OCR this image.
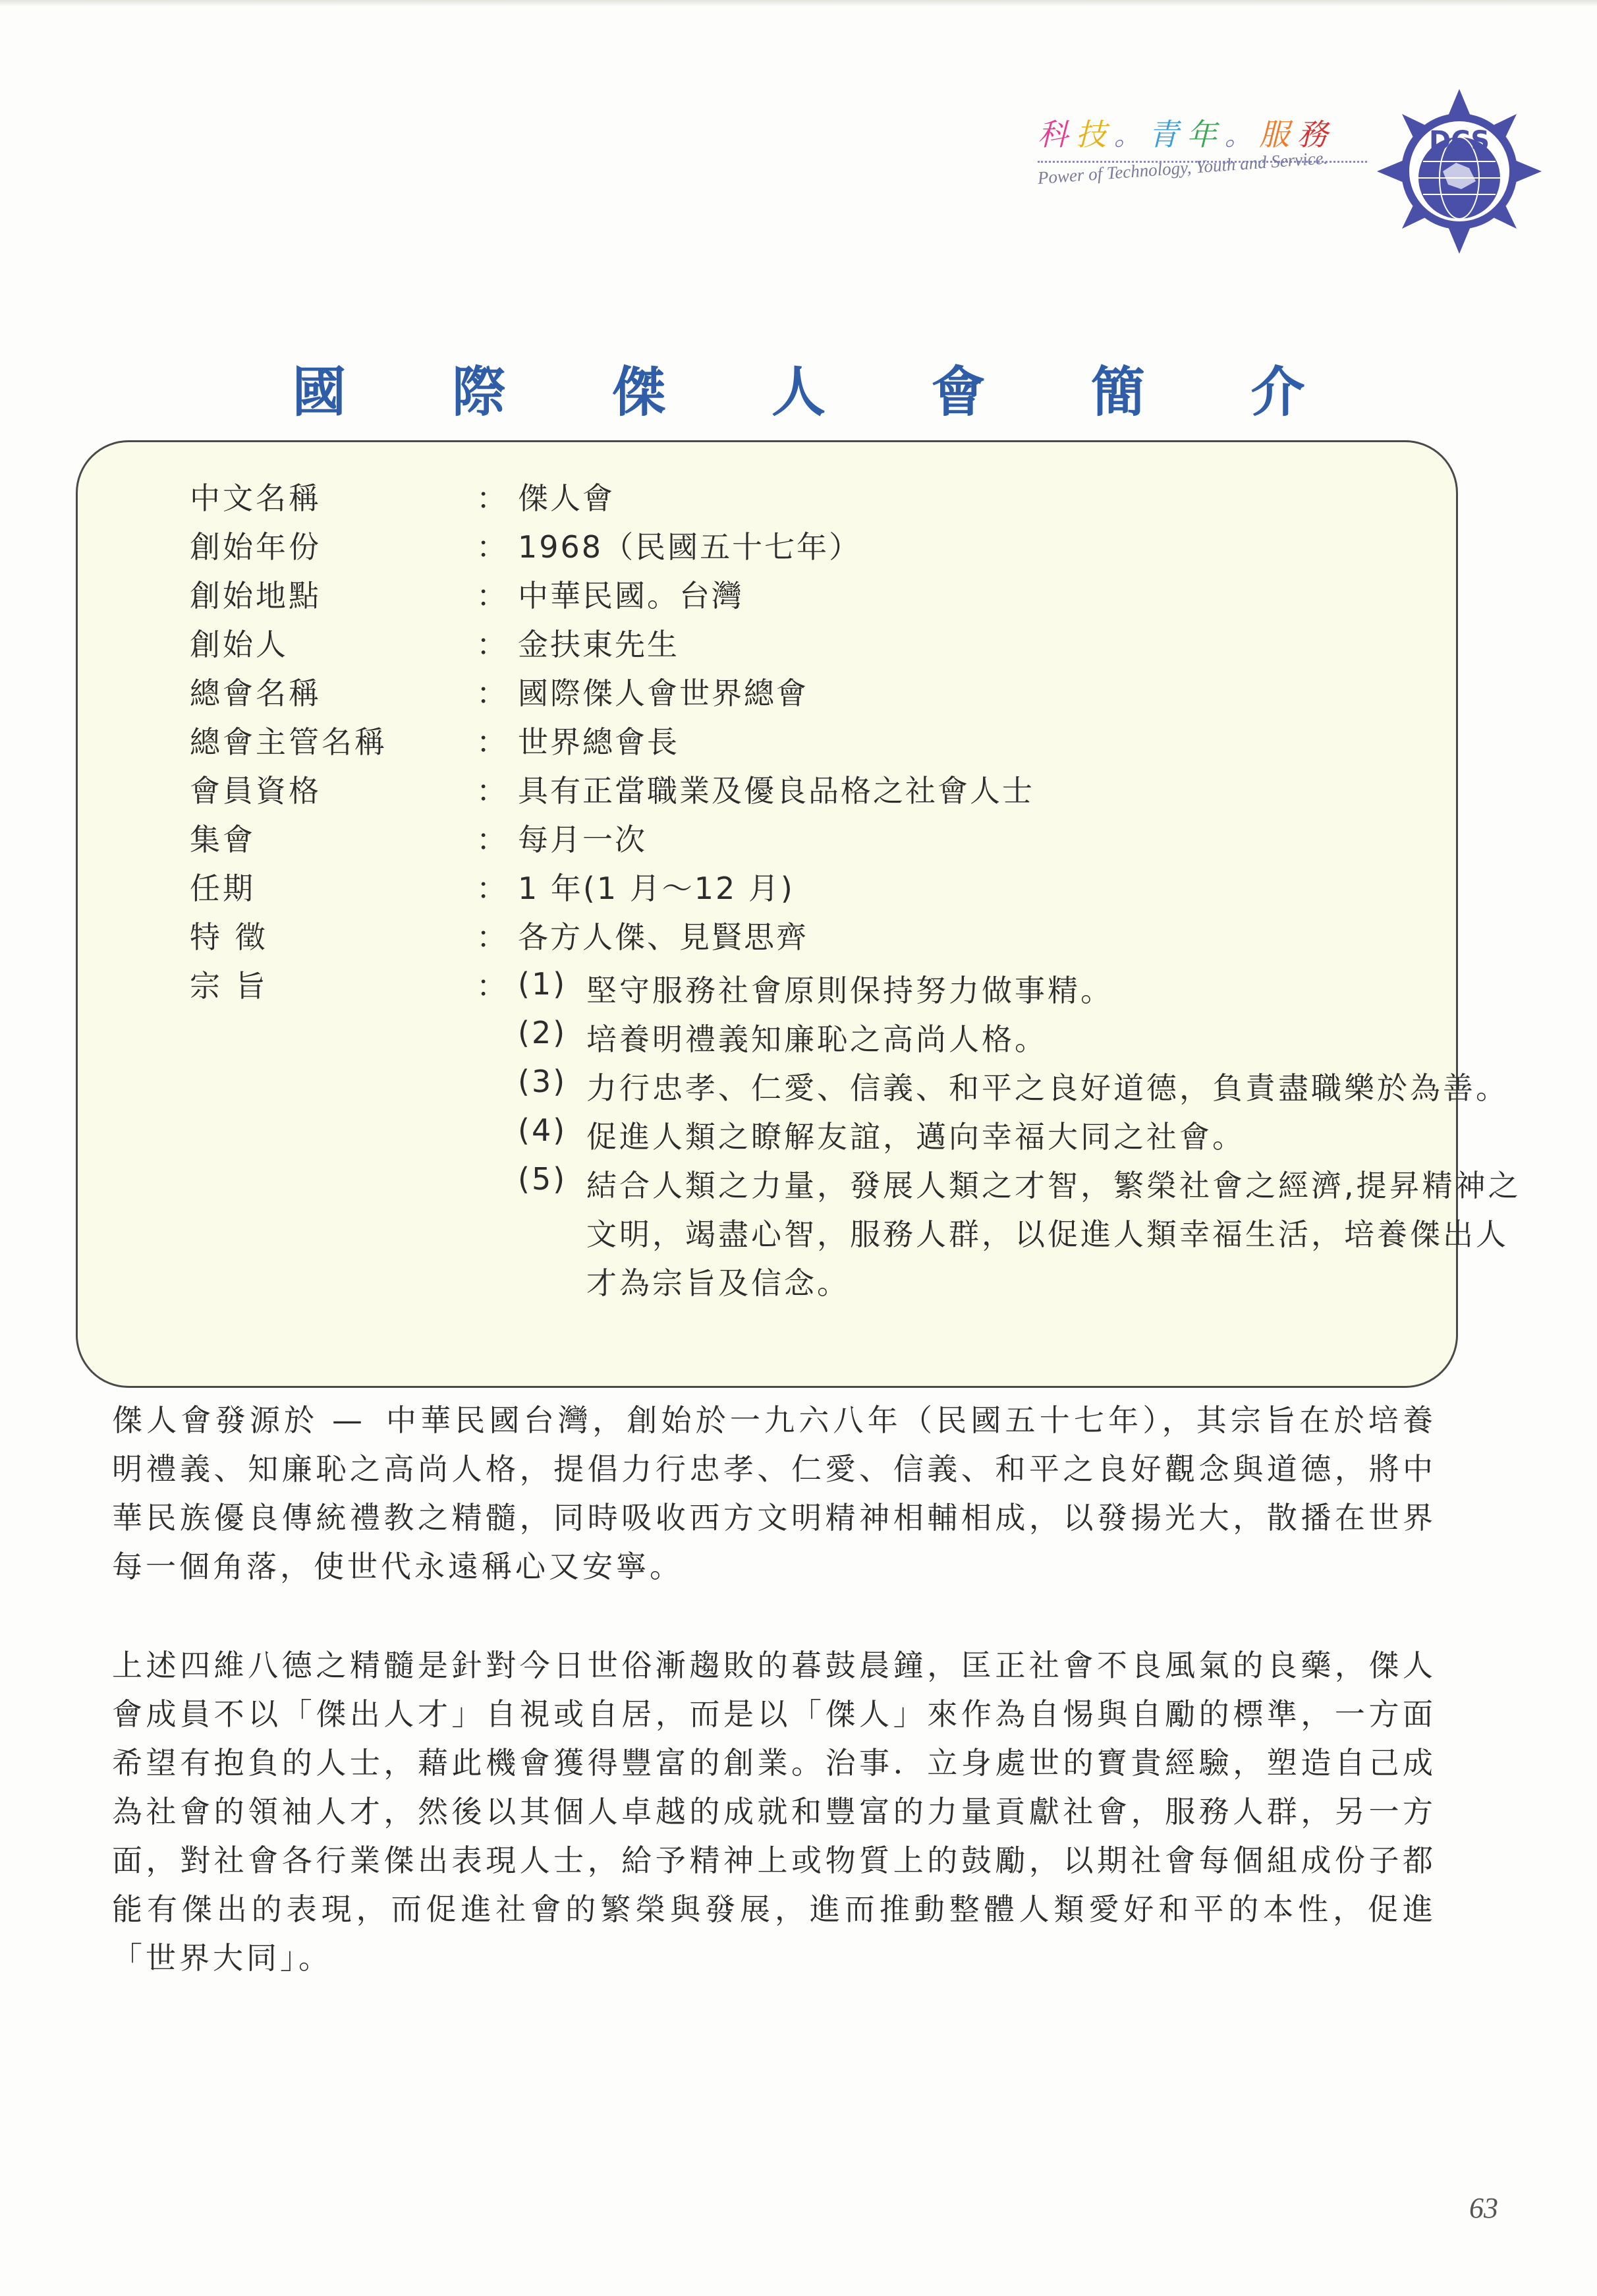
科 技 。 青 年 。 服 務
Power of Technology, Youth and Service.
DCS
國 際 傑 人 會 簡 介
中文名稱	： 傑人會
創始年份	： 1968（民國五十七年）
創始地點	： 中華民國。台灣
創始人	： 金扶東先生
總會名稱	： 國際傑人會世界總會
總會主管名稱	： 世界總會長
會員資格	： 具有正當職業及優良品格之社會人士
集會	： 每月一次
任期	： 1 年(1 月～12 月)
特 徵	： 各方人傑、見賢思齊
宗 旨	： (1) 堅守服務社會原則保持努力做事精。
(2) 培養明禮義知廉恥之高尚人格。
(3) 力行忠孝、仁愛、信義、和平之良好道德，負責盡職樂於為善。
(4) 促進人類之瞭解友誼，邁向幸福大同之社會。
(5) 結合人類之力量，發展人類之才智，繁榮社會之經濟,提昇精神之文明，竭盡心智，服務人群，以促進人類幸福生活，培養傑出人才為宗旨及信念。
傑人會發源於 — 中華民國台灣，創始於一九六八年（民國五十七年），其宗旨在於培養明禮義、知廉恥之高尚人格，提倡力行忠孝、仁愛、信義、和平之良好觀念與道德，將中華民族優良傳統禮教之精髓，同時吸收西方文明精神相輔相成，以發揚光大，散播在世界每一個角落，使世代永遠稱心又安寧。
上述四維八德之精髓是針對今日世俗漸趨敗的暮鼓晨鐘，匡正社會不良風氣的良藥，傑人會成員不以「傑出人才」自視或自居，而是以「傑人」來作為自惕與自勵的標準，一方面希望有抱負的人士，藉此機會獲得豐富的創業。治事．立身處世的寶貴經驗，塑造自己成為社會的領袖人才，然後以其個人卓越的成就和豐富的力量貢獻社會，服務人群，另一方面，對社會各行業傑出表現人士，給予精神上或物質上的鼓勵，以期社會每個組成份子都能有傑出的表現，而促進社會的繁榮與發展，進而推動整體人類愛好和平的本性，促進「世界大同」。
63
